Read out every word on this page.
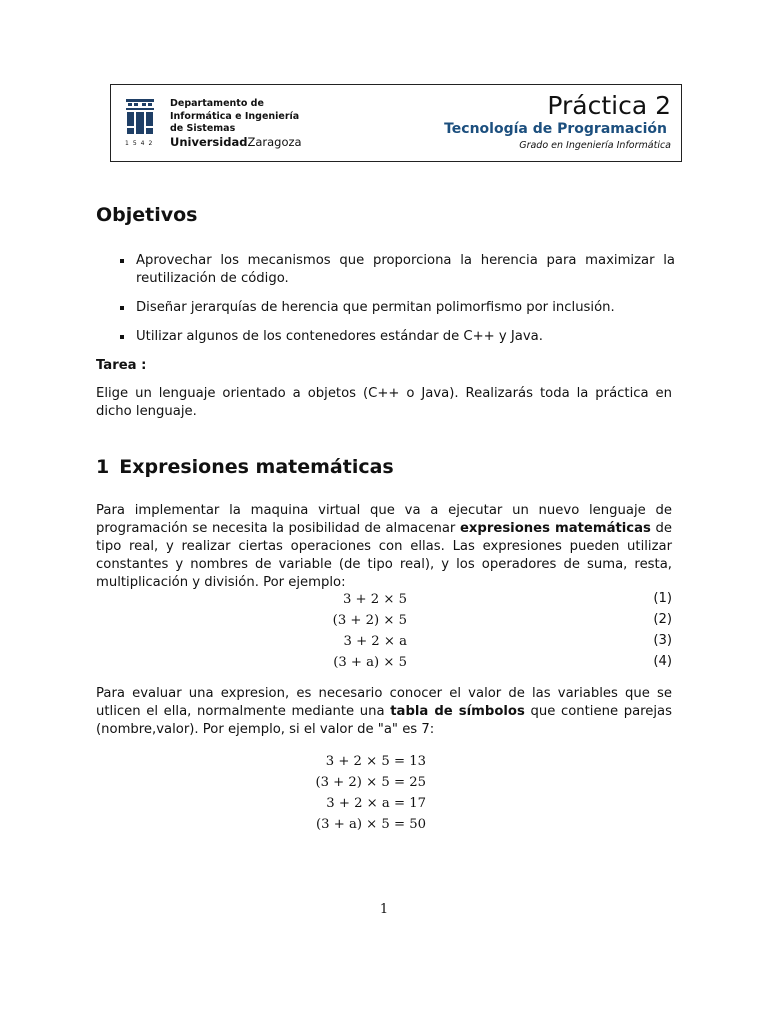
1542
Departamento de
Informática e Ingeniería
de Sistemas
UniversidadZaragoza
Práctica 2
Tecnología de Programación
Grado en Ingeniería Informática
Objetivos
Aprovechar los mecanismos que proporciona la herencia para maximizar la reutilización de código.
Diseñar jerarquías de herencia que permitan polimorfismo por inclusión.
Utilizar algunos de los contenedores estándar de C++ y Java.
Tarea :
Elige un lenguaje orientado a objetos (C++ o Java). Realizarás toda la práctica en dicho lenguaje.
1 Expresiones matemáticas
Para implementar la maquina virtual que va a ejecutar un nuevo lenguaje de programación se necesita la posibilidad de almacenar expresiones matemáticas de tipo real, y realizar ciertas operaciones con ellas. Las expresiones pueden utilizar constantes y nombres de variable (de tipo real), y los operadores de suma, resta, multiplicación y división. Por ejemplo:
3 + 2 × 5	(1)
(3 + 2) × 5	(2)
3 + 2 × a	(3)
(3 + a) × 5	(4)
Para evaluar una expresion, es necesario conocer el valor de las variables que se utlicen el ella, normalmente mediante una tabla de símbolos que contiene parejas (nombre,valor). Por ejemplo, si el valor de "a" es 7:
3 + 2 × 5 = 13
(3 + 2) × 5 = 25
3 + 2 × a = 17
(3 + a) × 5 = 50
1
